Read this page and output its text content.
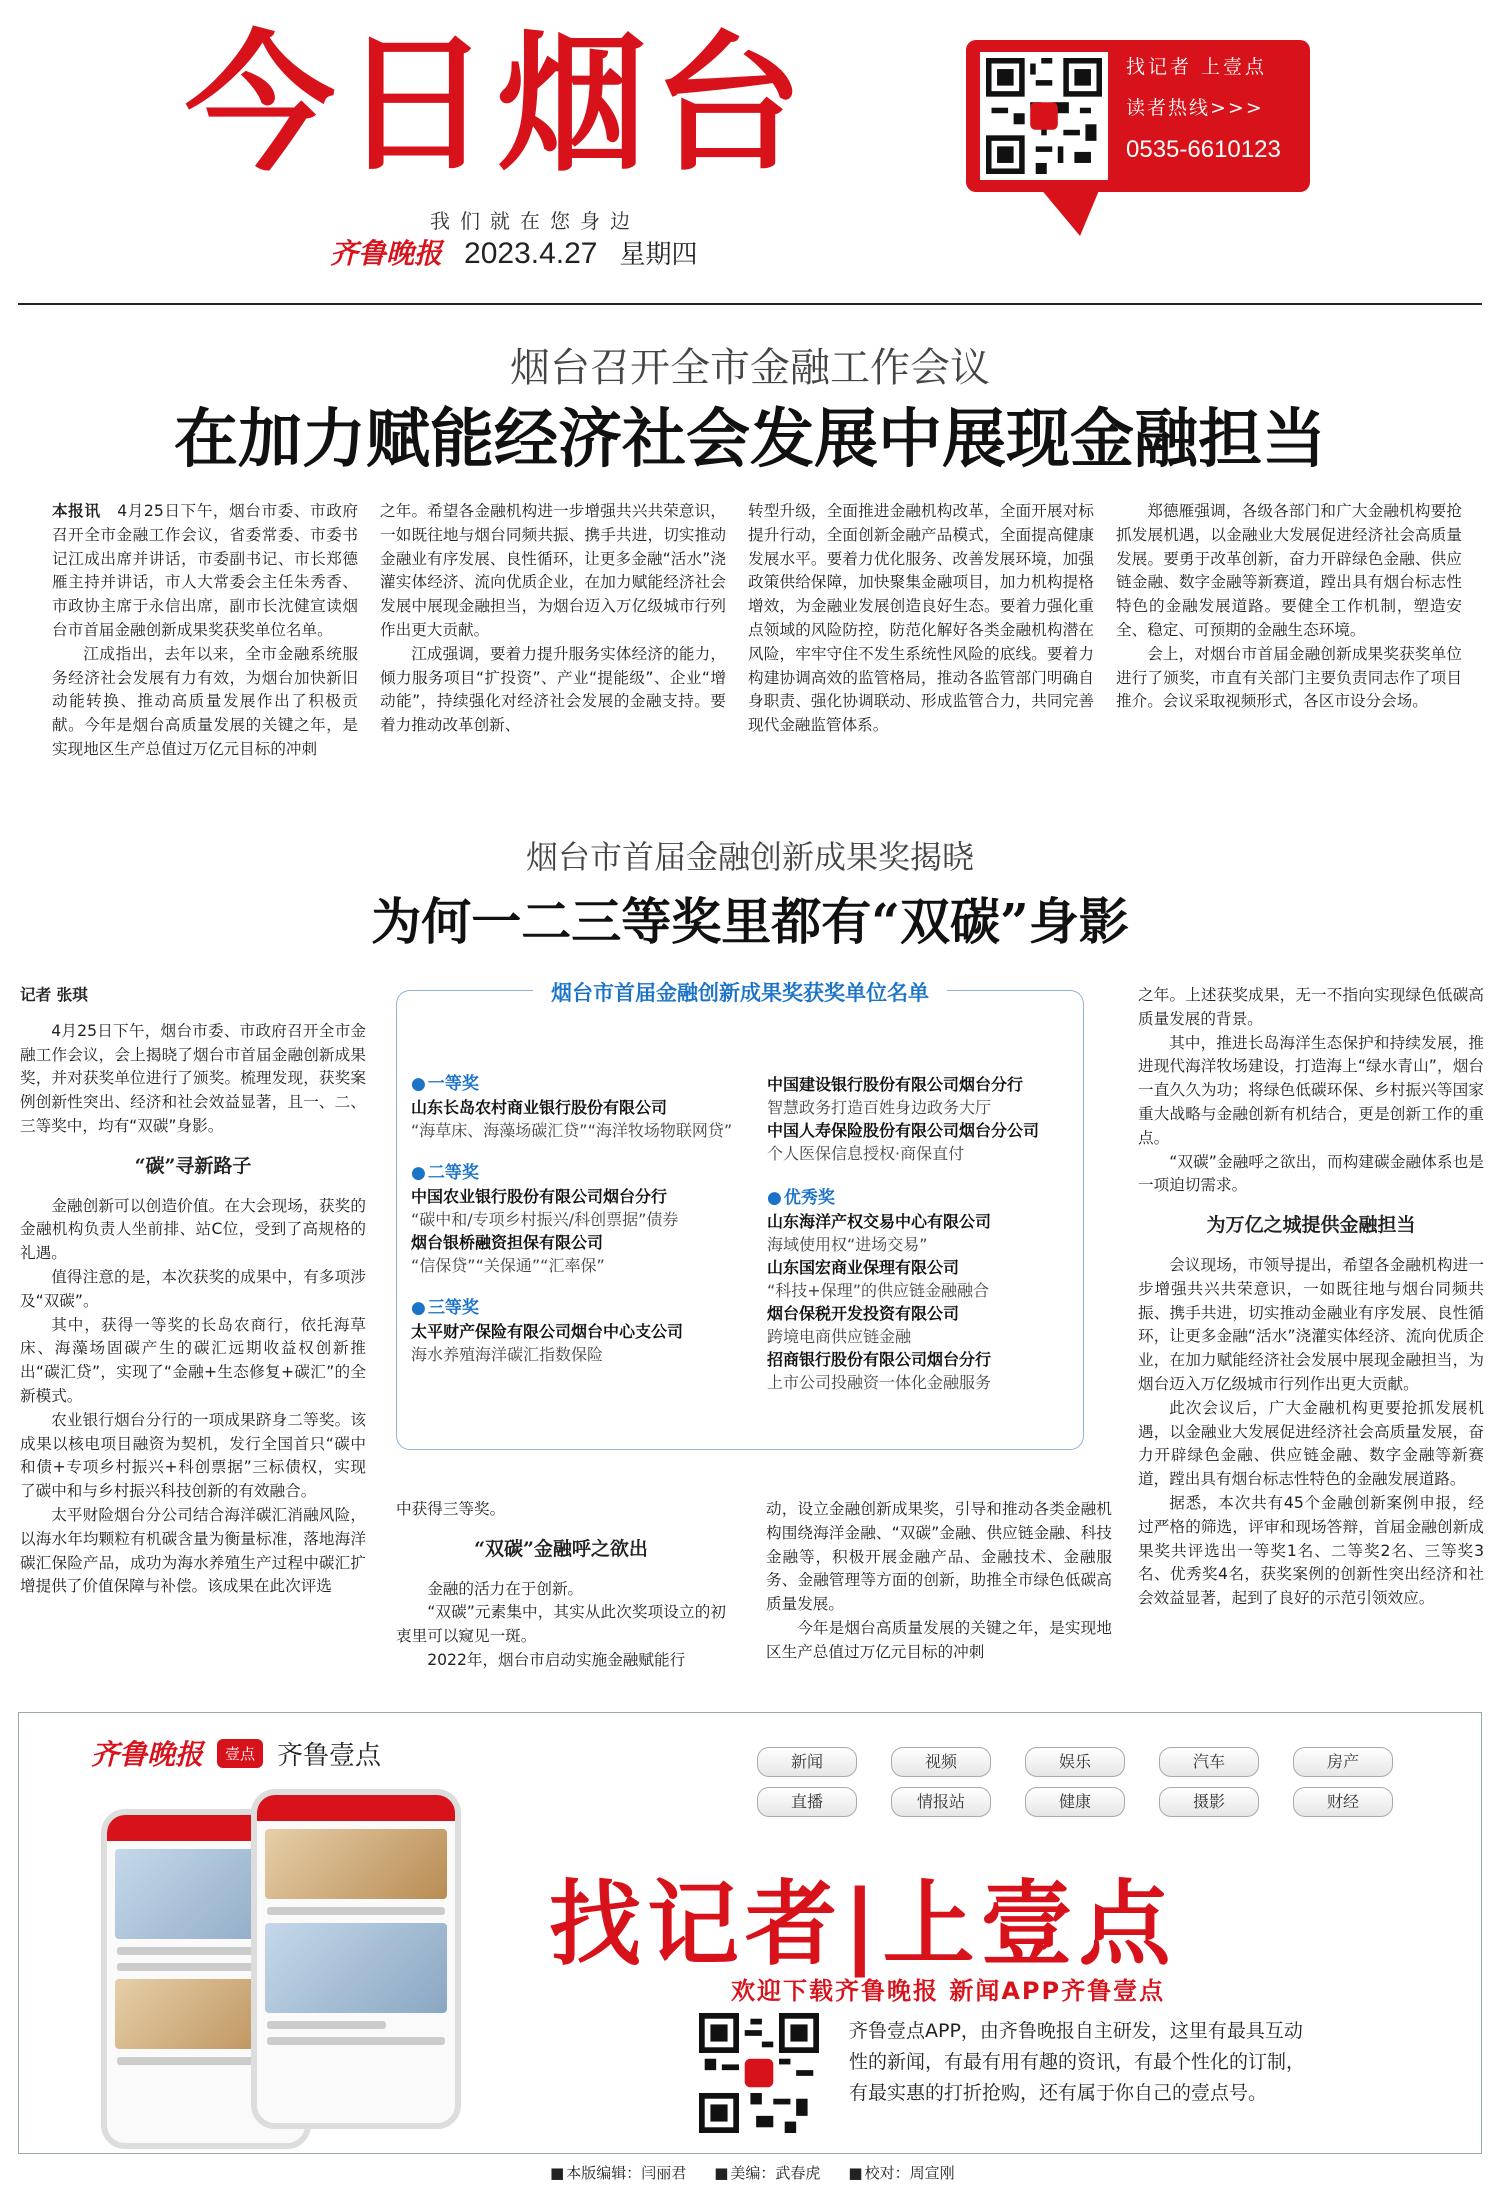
今日烟台
我们就在您身边
齐鲁晚报 2023.4.27 星期四
找记者 上壹点
读者热线>>>
0535-6610123
烟台召开全市金融工作会议
在加力赋能经济社会发展中展现金融担当

本报讯 4月25日下午，烟台市委、市政府召开全市金融工作会议，省委常委、市委书记江成出席并讲话，市委副书记、市长郑德雁主持并讲话，市人大常委会主任朱秀香、市政协主席于永信出席，副市长沈健宣读烟台市首届金融创新成果奖获奖单位名单。

江成指出，去年以来，全市金融系统服务经济社会发展有力有效，为烟台加快新旧动能转换、推动高质量发展作出了积极贡献。今年是烟台高质量发展的关键之年，是实现地区生产总值过万亿元目标的冲刺

之年。希望各金融机构进一步增强共兴共荣意识，一如既往地与烟台同频共振、携手共进，切实推动金融业有序发展、良性循环，让更多金融“活水”浇灌实体经济、流向优质企业，在加力赋能经济社会发展中展现金融担当，为烟台迈入万亿级城市行列作出更大贡献。

江成强调，要着力提升服务实体经济的能力，倾力服务项目“扩投资”、产业“提能级”、企业“增动能”，持续强化对经济社会发展的金融支持。要着力推动改革创新、

转型升级，全面推进金融机构改革，全面开展对标提升行动，全面创新金融产品模式，全面提高健康发展水平。要着力优化服务、改善发展环境，加强政策供给保障，加快聚集金融项目，加力机构提格增效，为金融业发展创造良好生态。要着力强化重点领域的风险防控，防范化解好各类金融机构潜在风险，牢牢守住不发生系统性风险的底线。要着力构建协调高效的监管格局，推动各监管部门明确自身职责、强化协调联动、形成监管合力，共同完善现代金融监管体系。

郑德雁强调，各级各部门和广大金融机构要抢抓发展机遇，以金融业大发展促进经济社会高质量发展。要勇于改革创新，奋力开辟绿色金融、供应链金融、数字金融等新赛道，蹚出具有烟台标志性特色的金融发展道路。要健全工作机制，塑造安全、稳定、可预期的金融生态环境。

会上，对烟台市首届金融创新成果奖获奖单位进行了颁奖，市直有关部门主要负责同志作了项目推介。会议采取视频形式，各区市设分会场。

烟台市首届金融创新成果奖揭晓
为何一二三等奖里都有“双碳”身影

记者 张琪

4月25日下午，烟台市委、市政府召开全市金融工作会议，会上揭晓了烟台市首届金融创新成果奖，并对获奖单位进行了颁奖。梳理发现，获奖案例创新性突出、经济和社会效益显著，且一、二、三等奖中，均有“双碳”身影。

“碳”寻新路子

金融创新可以创造价值。在大会现场，获奖的金融机构负责人坐前排、站C位，受到了高规格的礼遇。

值得注意的是，本次获奖的成果中，有多项涉及“双碳”。

其中，获得一等奖的长岛农商行，依托海草床、海藻场固碳产生的碳汇远期收益权创新推出“碳汇贷”，实现了“金融+生态修复+碳汇”的全新模式。

农业银行烟台分行的一项成果跻身二等奖。该成果以核电项目融资为契机，发行全国首只“碳中和债+专项乡村振兴+科创票据”三标债权，实现了碳中和与乡村振兴科技创新的有效融合。

太平财险烟台分公司结合海洋碳汇消融风险，以海水年均颗粒有机碳含量为衡量标准，落地海洋碳汇保险产品，成功为海水养殖生产过程中碳汇扩增提供了价值保障与补偿。该成果在此次评选

烟台市首届金融创新成果奖获奖单位名单
● 一等奖
山东长岛农村商业银行股份有限公司
“海草床、海藻场碳汇贷”“海洋牧场物联网贷”
● 二等奖
中国农业银行股份有限公司烟台分行
“碳中和/专项乡村振兴/科创票据”债券
烟台银桥融资担保有限公司
“信保贷”“关保通”“汇率保”
● 三等奖
太平财产保险有限公司烟台中心支公司
海水养殖海洋碳汇指数保险
中国建设银行股份有限公司烟台分行
智慧政务打造百姓身边政务大厅
中国人寿保险股份有限公司烟台分公司
个人医保信息授权·商保直付
● 优秀奖
山东海洋产权交易中心有限公司
海域使用权“进场交易”
山东国宏商业保理有限公司
“科技+保理”的供应链金融融合
烟台保税开发投资有限公司
跨境电商供应链金融
招商银行股份有限公司烟台分行
上市公司投融资一体化金融服务

中获得三等奖。

“双碳”金融呼之欲出

金融的活力在于创新。

“双碳”元素集中，其实从此次奖项设立的初衷里可以窥见一斑。

2022年，烟台市启动实施金融赋能行

动，设立金融创新成果奖，引导和推动各类金融机构围绕海洋金融、“双碳”金融、供应链金融、科技金融等，积极开展金融产品、金融技术、金融服务、金融管理等方面的创新，助推全市绿色低碳高质量发展。

今年是烟台高质量发展的关键之年，是实现地区生产总值过万亿元目标的冲刺

之年。上述获奖成果，无一不指向实现绿色低碳高质量发展的背景。

其中，推进长岛海洋生态保护和持续发展，推进现代海洋牧场建设，打造海上“绿水青山”，烟台一直久久为功；将绿色低碳环保、乡村振兴等国家重大战略与金融创新有机结合，更是创新工作的重点。

“双碳”金融呼之欲出，而构建碳金融体系也是一项迫切需求。

为万亿之城提供金融担当

会议现场，市领导提出，希望各金融机构进一步增强共兴共荣意识，一如既往地与烟台同频共振、携手共进，切实推动金融业有序发展、良性循环，让更多金融“活水”浇灌实体经济、流向优质企业，在加力赋能经济社会发展中展现金融担当，为烟台迈入万亿级城市行列作出更大贡献。

此次会议后，广大金融机构更要抢抓发展机遇，以金融业大发展促进经济社会高质量发展，奋力开辟绿色金融、供应链金融、数字金融等新赛道，蹚出具有烟台标志性特色的金融发展道路。

据悉，本次共有45个金融创新案例申报，经过严格的筛选，评审和现场答辩，首届金融创新成果奖共评选出一等奖1名、二等奖2名、三等奖3名、优秀奖4名，获奖案例的创新性突出经济和社会效益显著，起到了良好的示范引领效应。

齐鲁晚报	壹点 齐鲁壹点	新闻	视频	娱乐	汽车	房产
直播	情报站	健康	摄影	财经
找记者|上壹点
欢迎下载齐鲁晚报 新闻APP齐鲁壹点
齐鲁壹点APP，由齐鲁晚报自主研发，这里有最具互动性的新闻，有最有用有趣的资讯，有最个性化的订制，有最实惠的打折抢购，还有属于你自己的壹点号。
■ 本版编辑：闫丽君	■ 美编：武春虎	■ 校对：周宣刚
